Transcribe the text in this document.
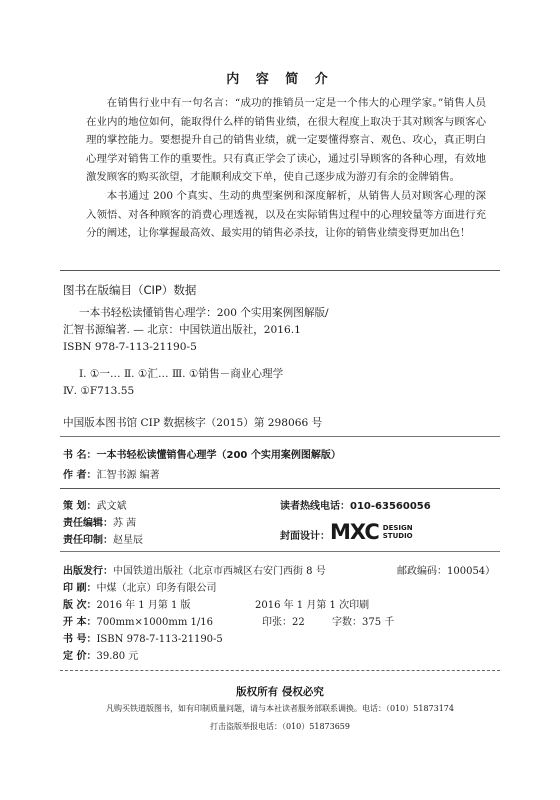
内 容 简 介

在销售行业中有一句名言：“成功的推销员一定是一个伟大的心理学家。”销售人员在业内的地位如何，能取得什么样的销售业绩，在很大程度上取决于其对顾客与顾客心理的掌控能力。要想提升自己的销售业绩，就一定要懂得察言、观色、攻心，真正明白心理学对销售工作的重要性。只有真正学会了读心，通过引导顾客的各种心理，有效地激发顾客的购买欲望，才能顺利成交下单，使自己逐步成为游刃有余的金牌销售。

本书通过 200 个真实、生动的典型案例和深度解析，从销售人员对顾客心理的深入领悟、对各种顾客的消费心理透视，以及在实际销售过程中的心理较量等方面进行充分的阐述，让你掌握最高效、最实用的销售必杀技，让你的销售业绩变得更加出色！

图书在版编目（CIP）数据
一本书轻松读懂销售心理学：200 个实用案例图解版/
汇智书源编著. — 北京：中国铁道出版社，2016.1
ISBN 978-7-113-21190-5
Ⅰ. ①一… Ⅱ. ①汇… Ⅲ. ①销售－商业心理学
Ⅳ. ①F713.55
中国版本图书馆 CIP 数据核字（2015）第 298066 号
书 名：一本书轻松读懂销售心理学（200 个实用案例图解版）
作 者：汇智书源 编著
策 划：武文斌	读者热线电话：010-63560056
责任编辑：苏 茜
责任印制：赵星辰	封面设计： MXC DESIGN
STUDIO
出版发行：中国铁道出版社（北京市西城区右安门西街 8 号	邮政编码：100054）
印 刷：中煤（北京）印务有限公司
版 次：2016 年 1 月第 1 版	2016 年 1 月第 1 次印刷
开 本：700mm×1000mm 1/16	印张：22	字数：375 千
书 号：ISBN 978-7-113-21190-5
定 价：39.80 元
版权所有 侵权必究
凡购买铁道版图书，如有印制质量问题，请与本社读者服务部联系调换。电话：（010）51873174
打击盗版举报电话：（010）51873659
